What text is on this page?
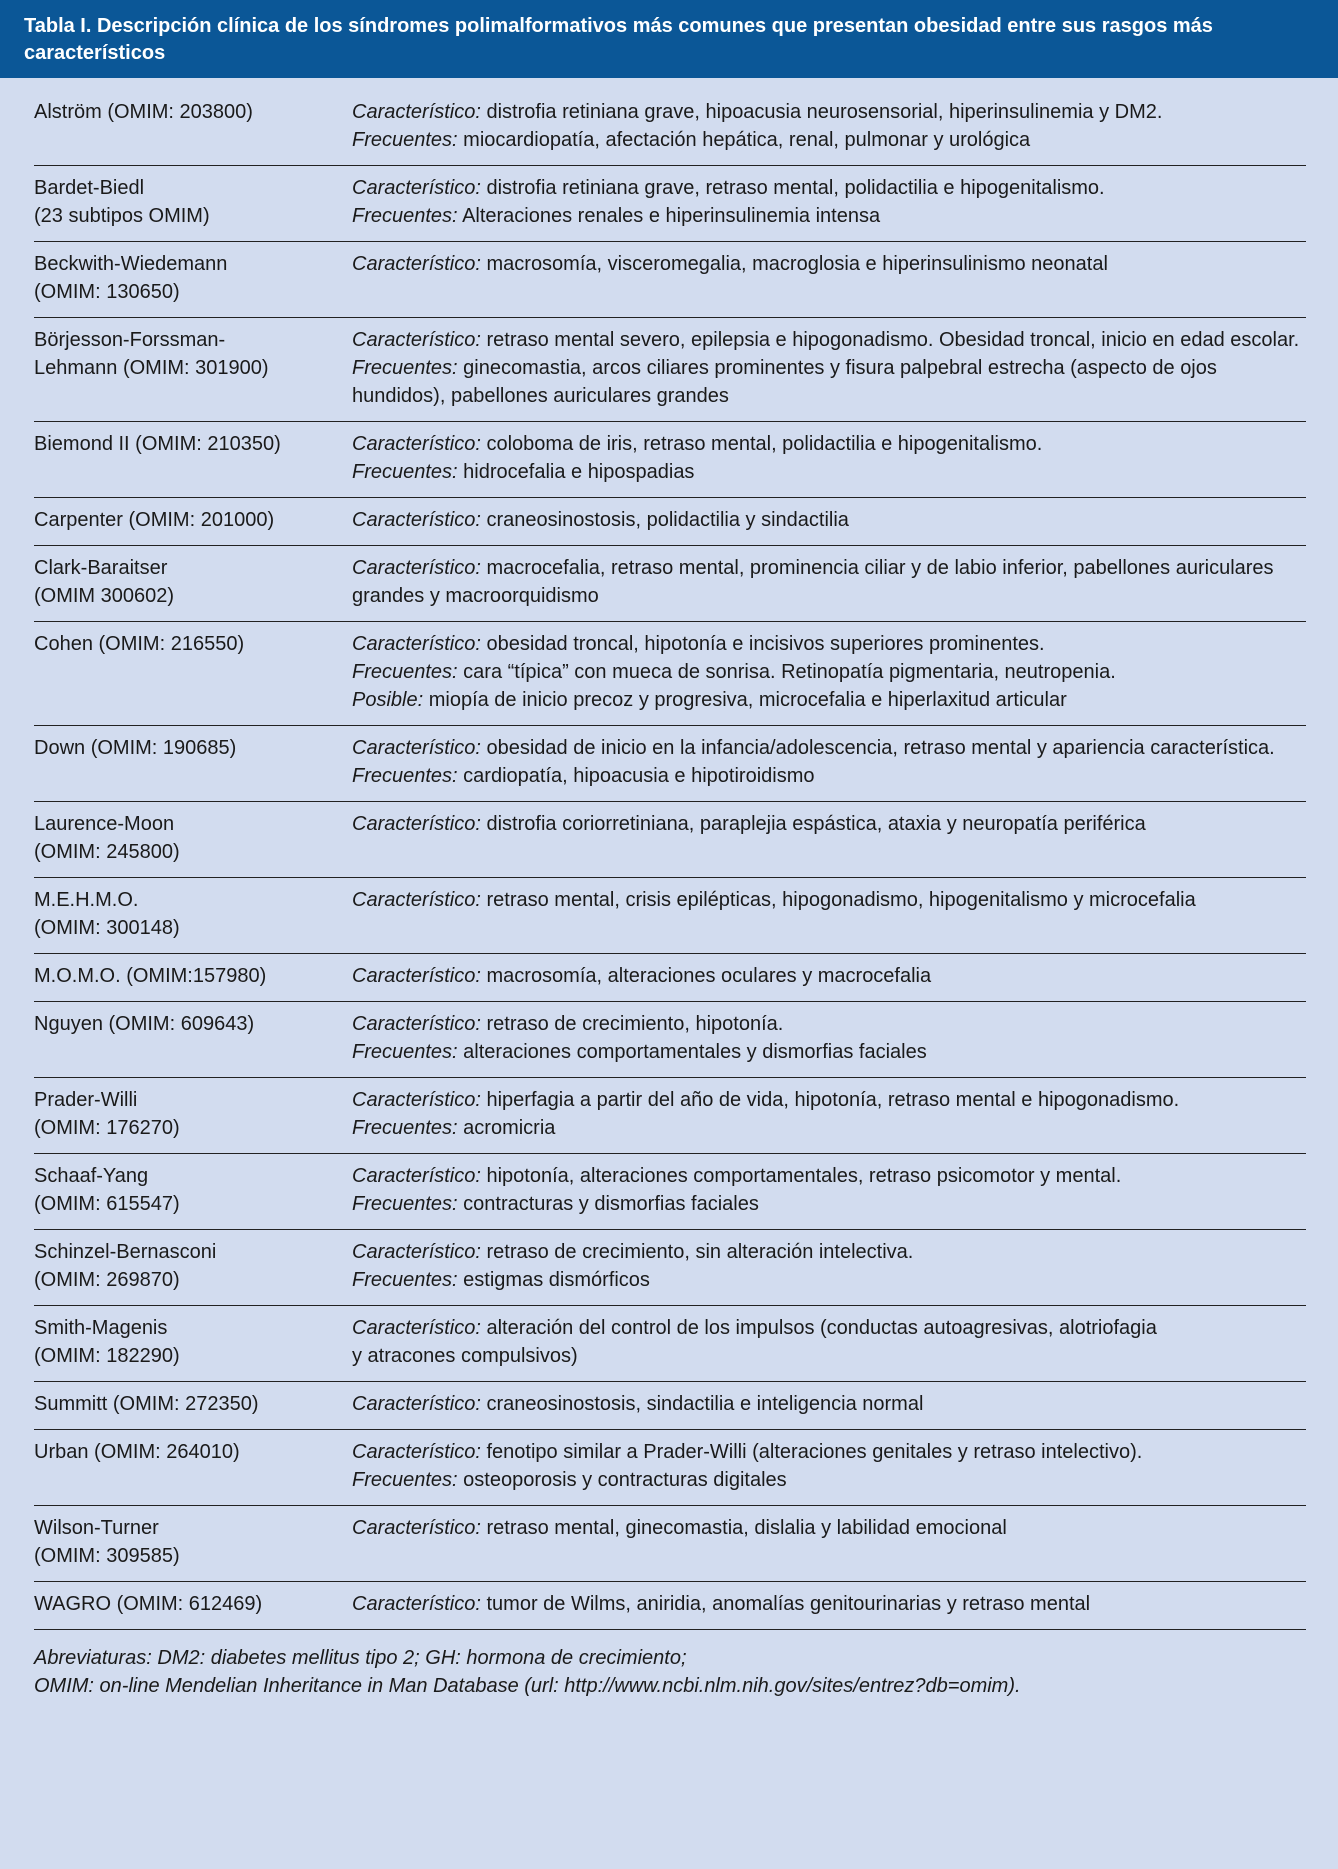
Tabla I. Descripción clínica de los síndromes polimalformativos más comunes que presentan obesidad entre sus rasgos más característicos
Alström (OMIM: 203800)	Característico: distrofia retiniana grave, hipoacusia neurosensorial, hiperinsulinemia y DM2.
Frecuentes: miocardiopatía, afectación hepática, renal, pulmonar y urológica
Bardet-Biedl
(23 subtipos OMIM)
Característico: distrofia retiniana grave, retraso mental, polidactilia e hipogenitalismo.
Frecuentes: Alteraciones renales e hiperinsulinemia intensa
Beckwith-Wiedemann
(OMIM: 130650)
Característico: macrosomía, visceromegalia, macroglosia e hiperinsulinismo neonatal
Börjesson-Forssman-
Lehmann (OMIM: 301900)
Característico: retraso mental severo, epilepsia e hipogonadismo. Obesidad troncal, inicio en edad escolar. Frecuentes: ginecomastia, arcos ciliares prominentes y fisura palpebral estrecha (aspecto de ojos hundidos), pabellones auriculares grandes
Biemond II (OMIM: 210350)	Característico: coloboma de iris, retraso mental, polidactilia e hipogenitalismo.
Frecuentes: hidrocefalia e hipospadias
Carpenter (OMIM: 201000)	Característico: craneosinostosis, polidactilia y sindactilia
Clark-Baraitser
(OMIM 300602)
Característico: macrocefalia, retraso mental, prominencia ciliar y de labio inferior, pabellones auriculares grandes y macroorquidismo
Cohen (OMIM: 216550)	Característico: obesidad troncal, hipotonía e incisivos superiores prominentes.
Frecuentes: cara “típica” con mueca de sonrisa. Retinopatía pigmentaria, neutropenia.
Posible: miopía de inicio precoz y progresiva, microcefalia e hiperlaxitud articular
Down (OMIM: 190685)	Característico: obesidad de inicio en la infancia/adolescencia, retraso mental y apariencia característica. Frecuentes: cardiopatía, hipoacusia e hipotiroidismo
Laurence-Moon
(OMIM: 245800)
Característico: distrofia coriorretiniana, paraplejia espástica, ataxia y neuropatía periférica
M.E.H.M.O.
(OMIM: 300148)
Característico: retraso mental, crisis epilépticas, hipogonadismo, hipogenitalismo y microcefalia
M.O.M.O. (OMIM:157980)	Característico: macrosomía, alteraciones oculares y macrocefalia
Nguyen (OMIM: 609643)	Característico: retraso de crecimiento, hipotonía.
Frecuentes: alteraciones comportamentales y dismorfias faciales
Prader-Willi
(OMIM: 176270)
Característico: hiperfagia a partir del año de vida, hipotonía, retraso mental e hipogonadismo.
Frecuentes: acromicria
Schaaf-Yang
(OMIM: 615547)
Característico: hipotonía, alteraciones comportamentales, retraso psicomotor y mental.
Frecuentes: contracturas y dismorfias faciales
Schinzel-Bernasconi
(OMIM: 269870)
Característico: retraso de crecimiento, sin alteración intelectiva.
Frecuentes: estigmas dismórficos
Smith-Magenis
(OMIM: 182290)
Característico: alteración del control de los impulsos (conductas autoagresivas, alotriofagia
y atracones compulsivos)
Summitt (OMIM: 272350)	Característico: craneosinostosis, sindactilia e inteligencia normal
Urban (OMIM: 264010)	Característico: fenotipo similar a Prader-Willi (alteraciones genitales y retraso intelectivo).
Frecuentes: osteoporosis y contracturas digitales
Wilson-Turner
(OMIM: 309585)
Característico: retraso mental, ginecomastia, dislalia y labilidad emocional
WAGRO (OMIM: 612469)	Característico: tumor de Wilms, aniridia, anomalías genitourinarias y retraso mental
Abreviaturas: DM2: diabetes mellitus tipo 2; GH: hormona de crecimiento;
OMIM: on-line Mendelian Inheritance in Man Database (url: http://www.ncbi.nlm.nih.gov/sites/entrez?db=omim).
